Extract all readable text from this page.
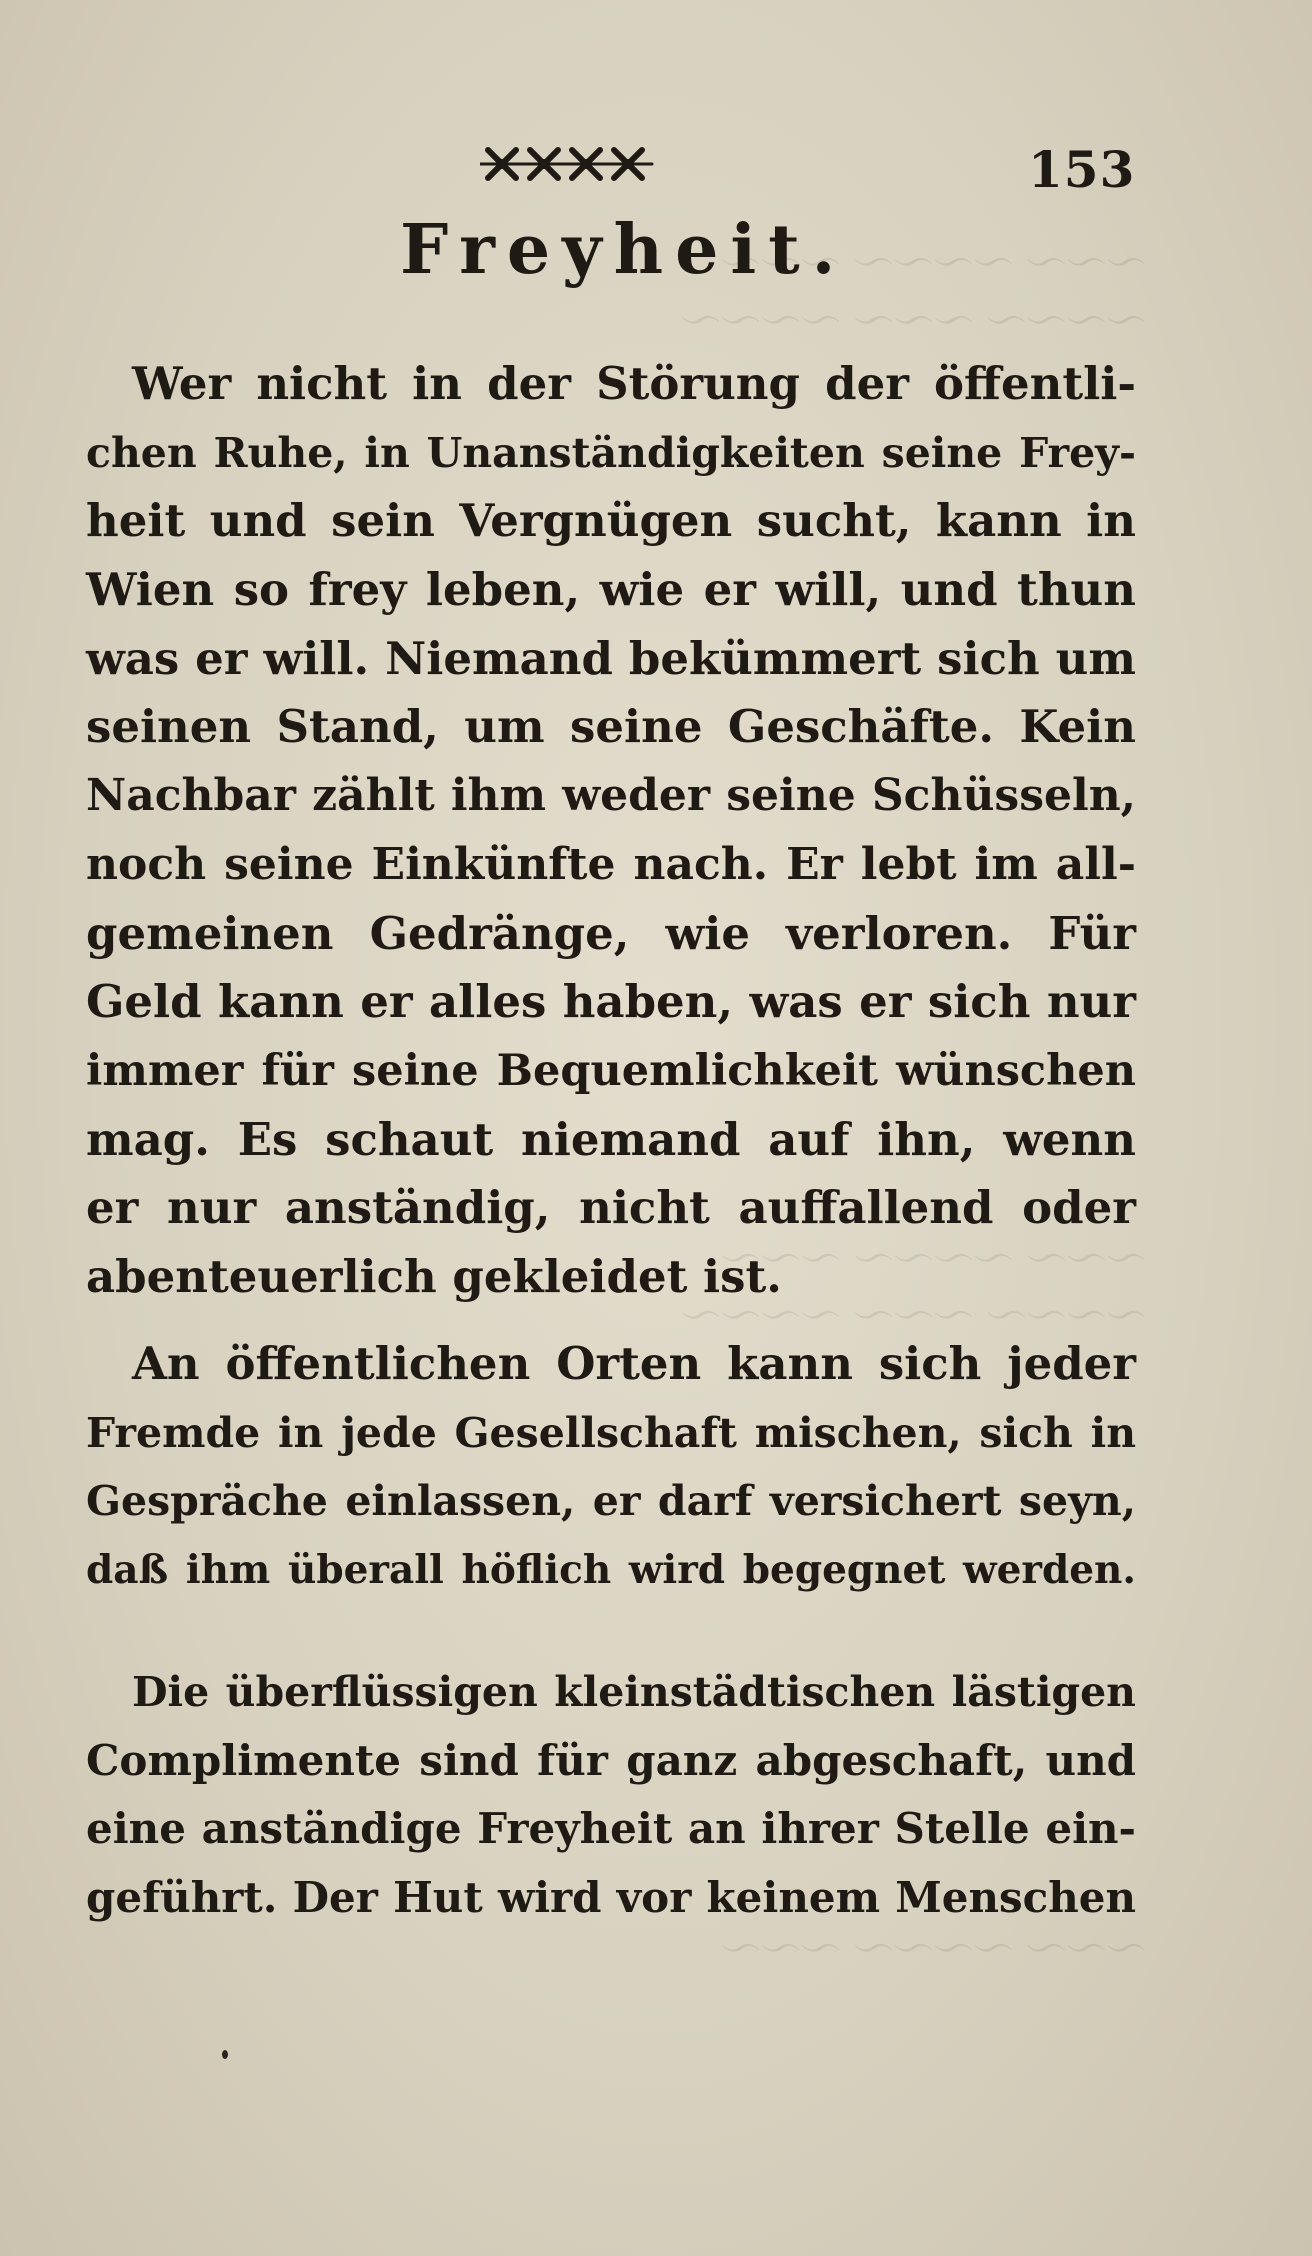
～～～ ～～～～ ～～～
～～～～ ～～～ ～～～～
～～～ ～～～～ ～～～
～～～～ ～～～ ～～～～
～～～ ～～～～ ～～～
153
Freyheit.
Wer nicht in der Störung der öffentli-
chen Ruhe, in Unanständigkeiten seine Frey-
heit und sein Vergnügen sucht, kann in
Wien so frey leben, wie er will, und thun
was er will. Niemand bekümmert sich um
seinen Stand, um seine Geschäfte. Kein
Nachbar zählt ihm weder seine Schüsseln,
noch seine Einkünfte nach. Er lebt im all-
gemeinen Gedränge, wie verloren. Für
Geld kann er alles haben, was er sich nur
immer für seine Bequemlichkeit wünschen
mag. Es schaut niemand auf ihn, wenn
er nur anständig, nicht auffallend oder
abenteuerlich gekleidet ist.
An öffentlichen Orten kann sich jeder
Fremde in jede Gesellschaft mischen, sich in
Gespräche einlassen, er darf versichert seyn,
daß ihm überall höflich wird begegnet werden.
Die überflüssigen kleinstädtischen lästigen
Complimente sind für ganz abgeschaft, und
eine anständige Freyheit an ihrer Stelle ein-
geführt. Der Hut wird vor keinem Menschen
